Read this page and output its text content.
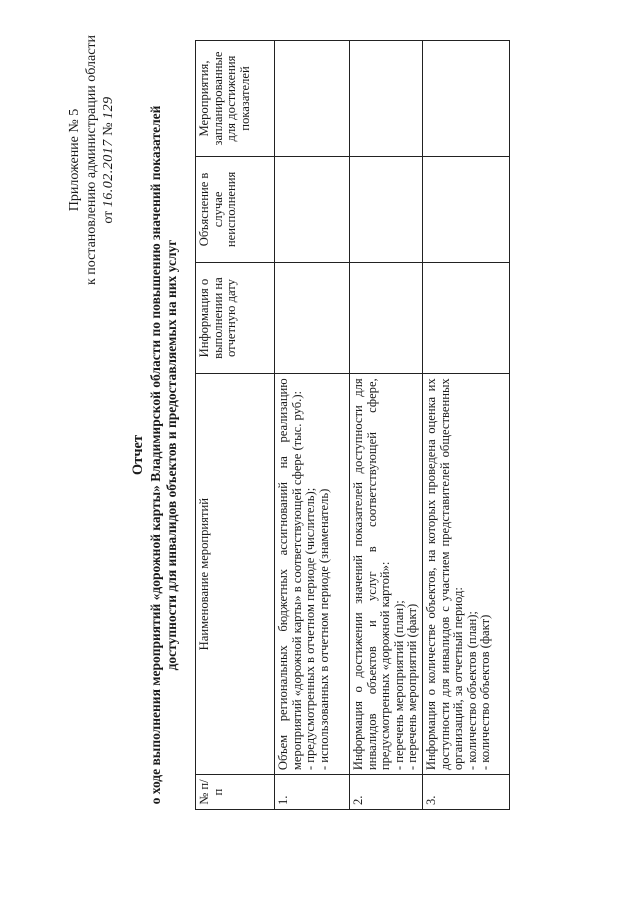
Приложение № 5 к постановлению администрации области от 16.02.2017 № 129
Отчет о ходе выполнения мероприятий «дорожной карты» Владимирской области по повышению значений показателей доступности для инвалидов объектов и предоставляемых на них услуг
№ п/п	Наименование мероприятий	Информация о выполнении на отчетную дату	Объяснение в случае неисполнения	Мероприятия, запланированные для достижения показателей
1.	Объем региональных бюджетных ассигнований на реализацию мероприятий «дорожной карты» в соответствующей сфере (тыс. руб.): - предусмотренных в отчетном периоде (числитель); - использованных в отчетном периоде (знаменатель)			

2.	Информация о достижении значений показателей доступности для инвалидов объектов и услуг в соответствующей сфере, предусмотренных «дорожной картой»: - перечень мероприятий (план); - перечень мероприятий (факт)			

3.	Информация о количестве объектов, на которых проведена оценка их доступности для инвалидов с участием представителей общественных организаций, за отчетный период: - количество объектов (план); - количество объектов (факт)			
